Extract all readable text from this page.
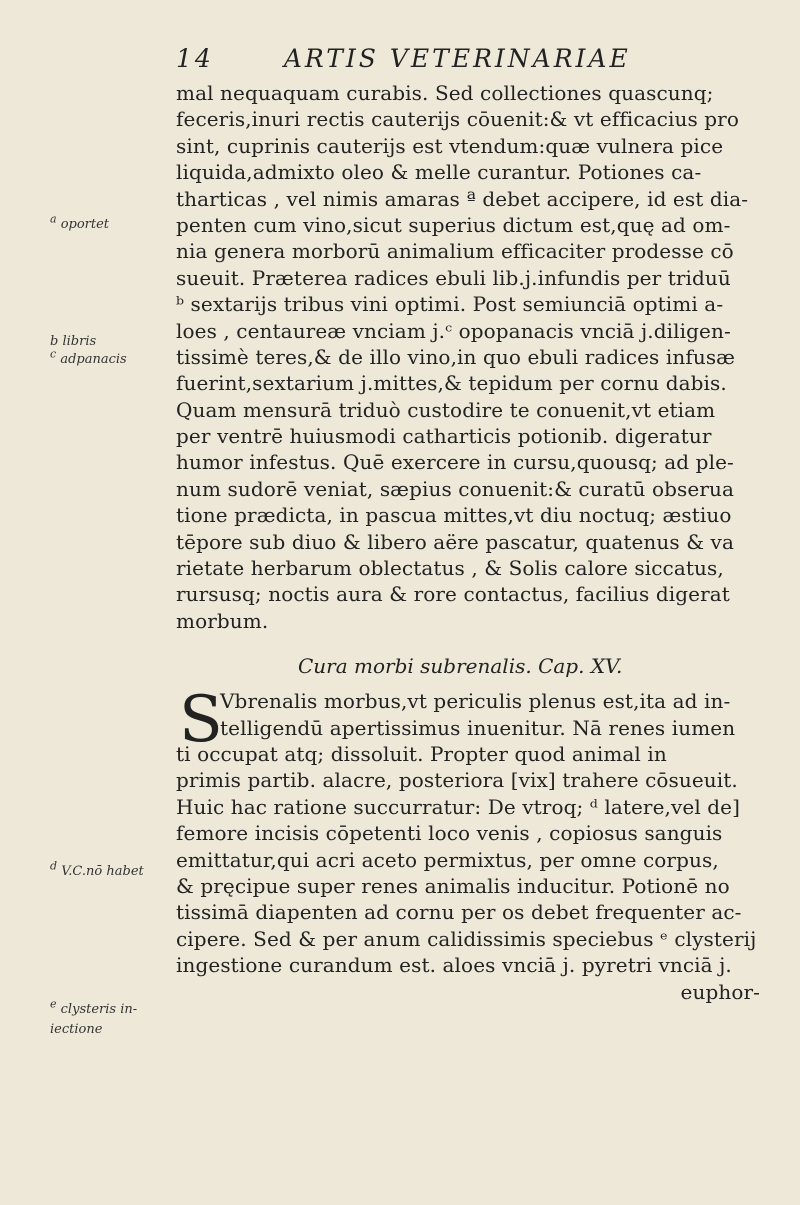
14	ARTIS VETERINARIAE
$^a$ oportet
b libris
$^c$ adpanacis
$^d$ V.C.nō habet
$^e$ clysteris in-
iectione
mal nequaquam curabis. Sed collectiones quascunq;
feceris,inuri rectis cauterijs cōuenit:& vt efficacius pro
sint, cuprinis cauterijs est vtendum:quæ vulnera pice
liquida,admixto oleo & melle curantur. Potiones ca-
tharticas , vel nimis amaras ª debet accipere, id est dia-
penten cum vino,sicut superius dictum est,quę ad om-
nia genera morborū animalium efficaciter prodesse cō
sueuit. Præterea radices ebuli lib.j.infundis per triduū
ᵇ sextarijs tribus vini optimi. Post semiunciā optimi a-
loes , centaureæ vnciam j.ᶜ opopanacis vnciā j.diligen-
tissimè teres,& de illo vino,in quo ebuli radices infusæ
fuerint,sextarium j.mittes,& tepidum per cornu dabis.
Quam mensurā triduò custodire te conuenit,vt etiam
per ventrē huiusmodi catharticis potionib. digeratur
humor infestus. Quē exercere in cursu,quousq; ad ple-
num sudorē veniat, sæpius conuenit:& curatū obserua
tione prædicta, in pascua mittes,vt diu noctuq; æstiuo
tēpore sub diuo & libero aëre pascatur, quatenus & va
rietate herbarum oblectatus , & Solis calore siccatus,
rursusq; noctis aura & rore contactus, facilius digerat
morbum.
Cura morbi subrenalis. Cap. XV.
S
Vbrenalis morbus,vt periculis plenus est,ita ad in-
telligendū apertissimus inuenitur. Nā renes iumen
ti occupat atq; dissoluit. Propter quod animal in
primis partib. alacre, posteriora [vix] trahere cōsueuit.
Huic hac ratione succurratur: De vtroq; ᵈ latere,vel de]
femore incisis cōpetenti loco venis , copiosus sanguis
emittatur,qui acri aceto permixtus, per omne corpus,
& pręcipue super renes animalis inducitur. Potionē no
tissimā diapenten ad cornu per os debet frequenter ac-
cipere. Sed & per anum calidissimis speciebus ᵉ clysterij
ingestione curandum est. aloes vnciā j. pyretri vnciā j.
euphor-
